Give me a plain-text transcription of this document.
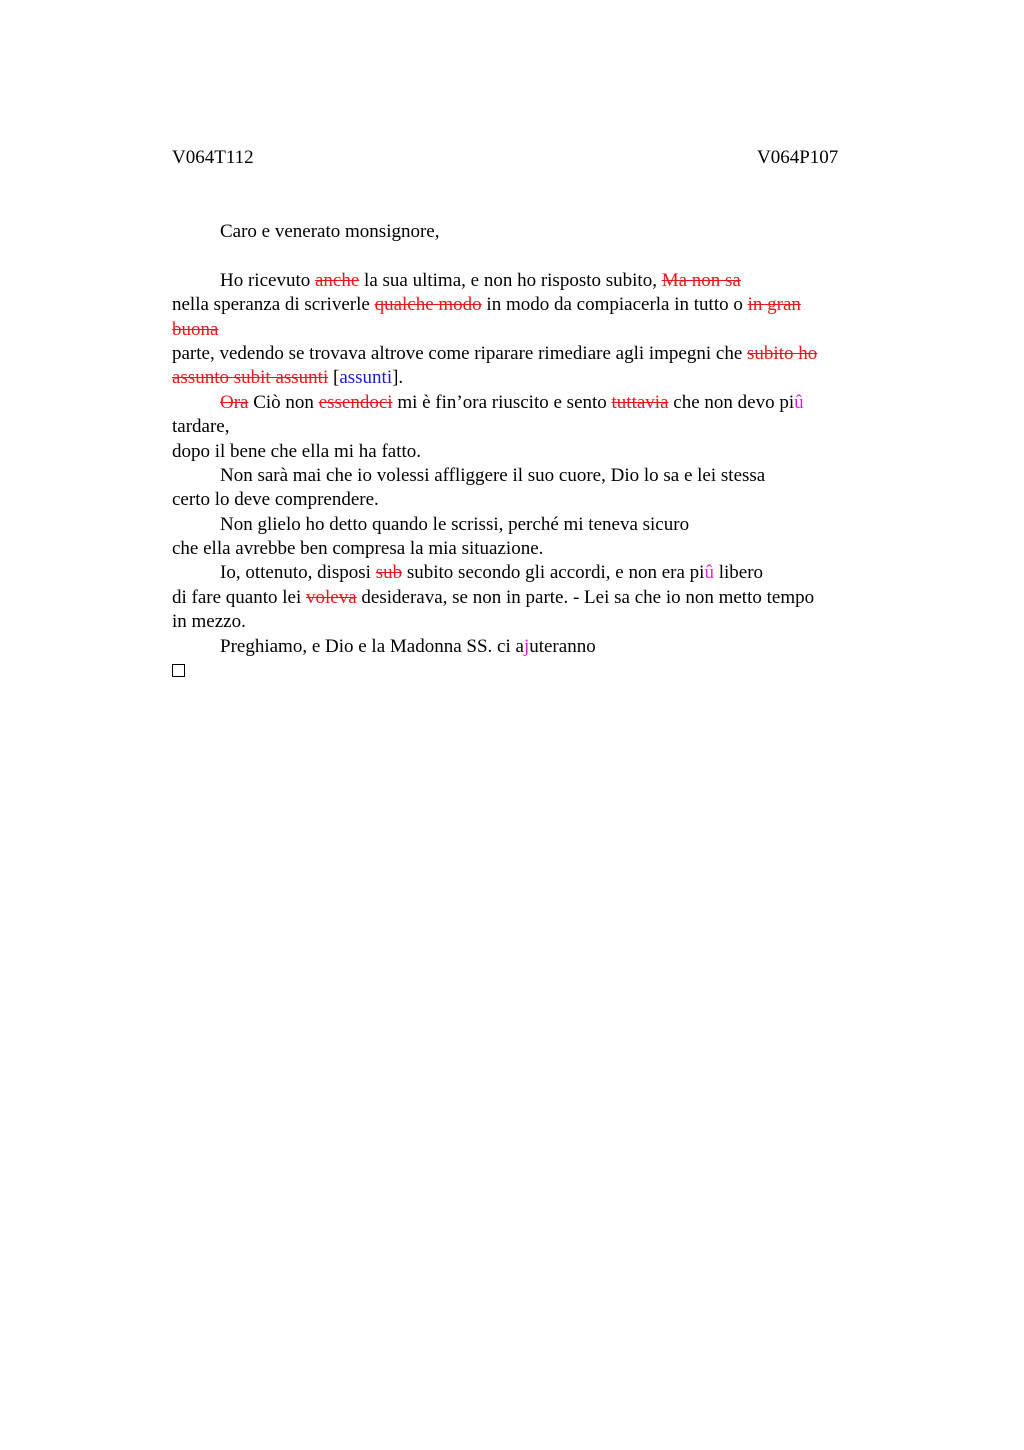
V064T112	V064P107
Caro e venerato monsignore,
Ho ricevuto anche la sua ultima, e non ho risposto subito, Ma non sa
nella speranza di scriverle qualche modo in modo da compiacerla in tutto o in gran
buona
parte, vedendo se trovava altrove come riparare rimediare agli impegni che subito ho
assunto subit assunti [assunti].
Ora Ciò non essendoci mi è fin’ora riuscito e sento tuttavia che non devo piû
tardare,
dopo il bene che ella mi ha fatto.
Non sarà mai che io volessi affliggere il suo cuore, Dio lo sa e lei stessa
certo lo deve comprendere.
Non glielo ho detto quando le scrissi, perché mi teneva sicuro
che ella avrebbe ben compresa la mia situazione.
Io, ottenuto, disposi sub subito secondo gli accordi, e non era piû libero
di fare quanto lei voleva desiderava, se non in parte. - Lei sa che io non metto tempo
in mezzo.
Preghiamo, e Dio e la Madonna SS. ci ajuteranno
